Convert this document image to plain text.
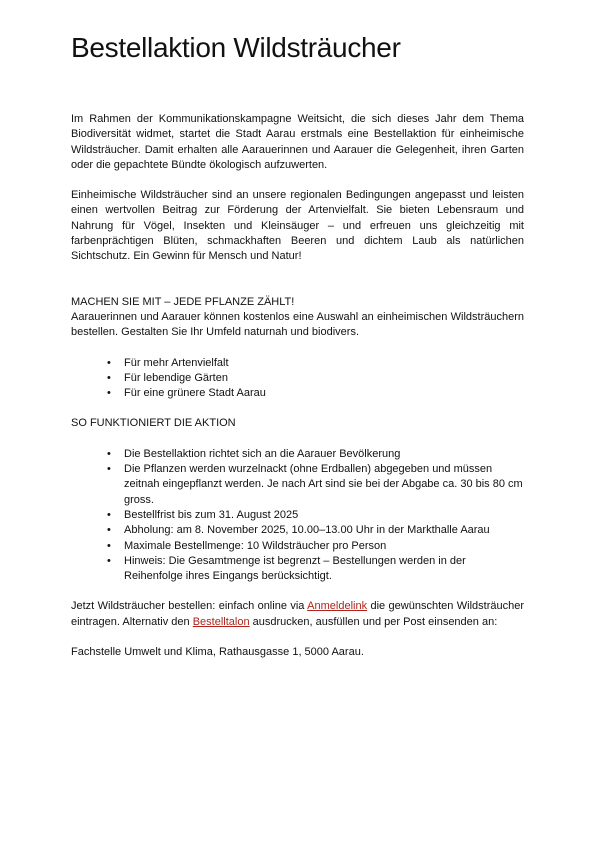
Bestellaktion Wildsträucher

Im Rahmen der Kommunikationskampagne Weitsicht, die sich dieses Jahr dem Thema Biodiversität widmet, startet die Stadt Aarau erstmals eine Bestellaktion für einheimische Wildsträucher. Damit erhalten alle Aarauerinnen und Aarauer die Gelegenheit, ihren Garten oder die gepachtete Bündte ökologisch aufzuwerten.

Einheimische Wildsträucher sind an unsere regionalen Bedingungen angepasst und leisten einen wertvollen Beitrag zur Förderung der Artenvielfalt. Sie bieten Lebensraum und Nahrung für Vögel, Insekten und Kleinsäuger – und erfreuen uns gleichzeitig mit farbenprächtigen Blüten, schmackhaften Beeren und dichtem Laub als natürlichen Sichtschutz. Ein Gewinn für Mensch und Natur!

MACHEN SIE MIT – JEDE PFLANZE ZÄHLT!

Aarauerinnen und Aarauer können kostenlos eine Auswahl an einheimischen Wildsträuchern bestellen. Gestalten Sie Ihr Umfeld naturnah und biodivers.

• Für mehr Artenvielfalt
• Für lebendige Gärten
• Für eine grünere Stadt Aarau
SO FUNKTIONIERT DIE AKTION
• Die Bestellaktion richtet sich an die Aarauer Bevölkerung
• Die Pflanzen werden wurzelnackt (ohne Erdballen) abgegeben und müssen zeitnah eingepflanzt werden. Je nach Art sind sie bei der Abgabe ca. 30 bis 80 cm gross.
• Bestellfrist bis zum 31. August 2025
• Abholung: am 8. November 2025, 10.00–13.00 Uhr in der Markthalle Aarau
• Maximale Bestellmenge: 10 Wildsträucher pro Person
• Hinweis: Die Gesamtmenge ist begrenzt – Bestellungen werden in der Reihenfolge ihres Eingangs berücksichtigt.

Jetzt Wildsträucher bestellen: einfach online via Anmeldelink die gewünschten Wildsträucher eintragen. Alternativ den Bestelltalon ausdrucken, ausfüllen und per Post einsenden an:

Fachstelle Umwelt und Klima, Rathausgasse 1, 5000 Aarau.
